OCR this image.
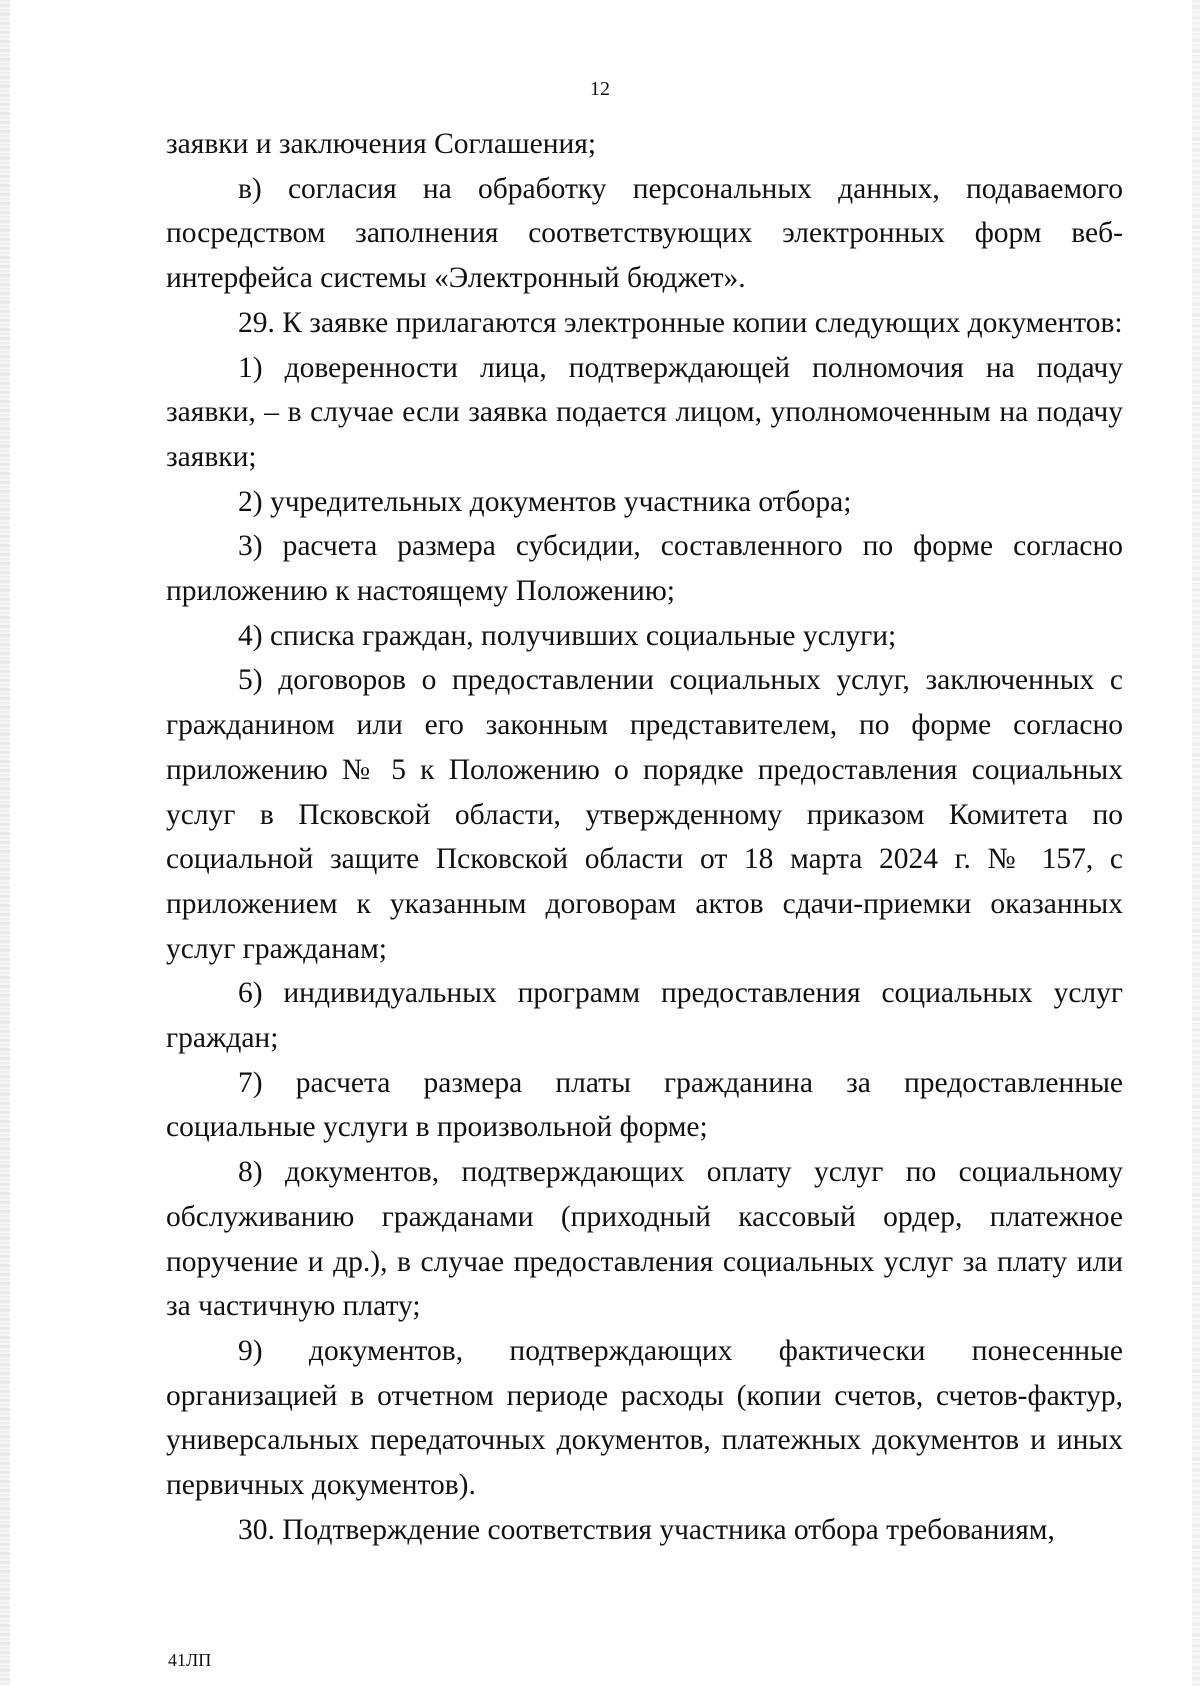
12

заявки и заключения Соглашения;

в) согласия на обработку персональных данных, подаваемого посредством заполнения соответствующих электронных форм веб-интерфейса системы «Электронный бюджет».

29. К заявке прилагаются электронные копии следующих документов:

1) доверенности лица, подтверждающей полномочия на подачу заявки, – в случае если заявка подается лицом, уполномоченным на подачу заявки;

2) учредительных документов участника отбора;

3) расчета размера субсидии, составленного по форме согласно приложению к настоящему Положению;

4) списка граждан, получивших социальные услуги;

5) договоров о предоставлении социальных услуг, заключенных с гражданином или его законным представителем, по форме согласно приложению № 5 к Положению о порядке предоставления социальных услуг в Псковской области, утвержденному приказом Комитета по социальной защите Псковской области от 18 марта 2024 г. № 157, с приложением к указанным договорам актов сдачи-приемки оказанных услуг гражданам;

6) индивидуальных программ предоставления социальных услуг граждан;

7) расчета размера платы гражданина за предоставленные социальные услуги в произвольной форме;

8) документов, подтверждающих оплату услуг по социальному обслуживанию гражданами (приходный кассовый ордер, платежное поручение и др.), в случае предоставления социальных услуг за плату или за частичную плату;

9) документов, подтверждающих фактически понесенные организацией в отчетном периоде расходы (копии счетов, счетов-фактур, универсальных передаточных документов, платежных документов и иных первичных документов).

30. Подтверждение соответствия участника отбора требованиям,

41ЛП
